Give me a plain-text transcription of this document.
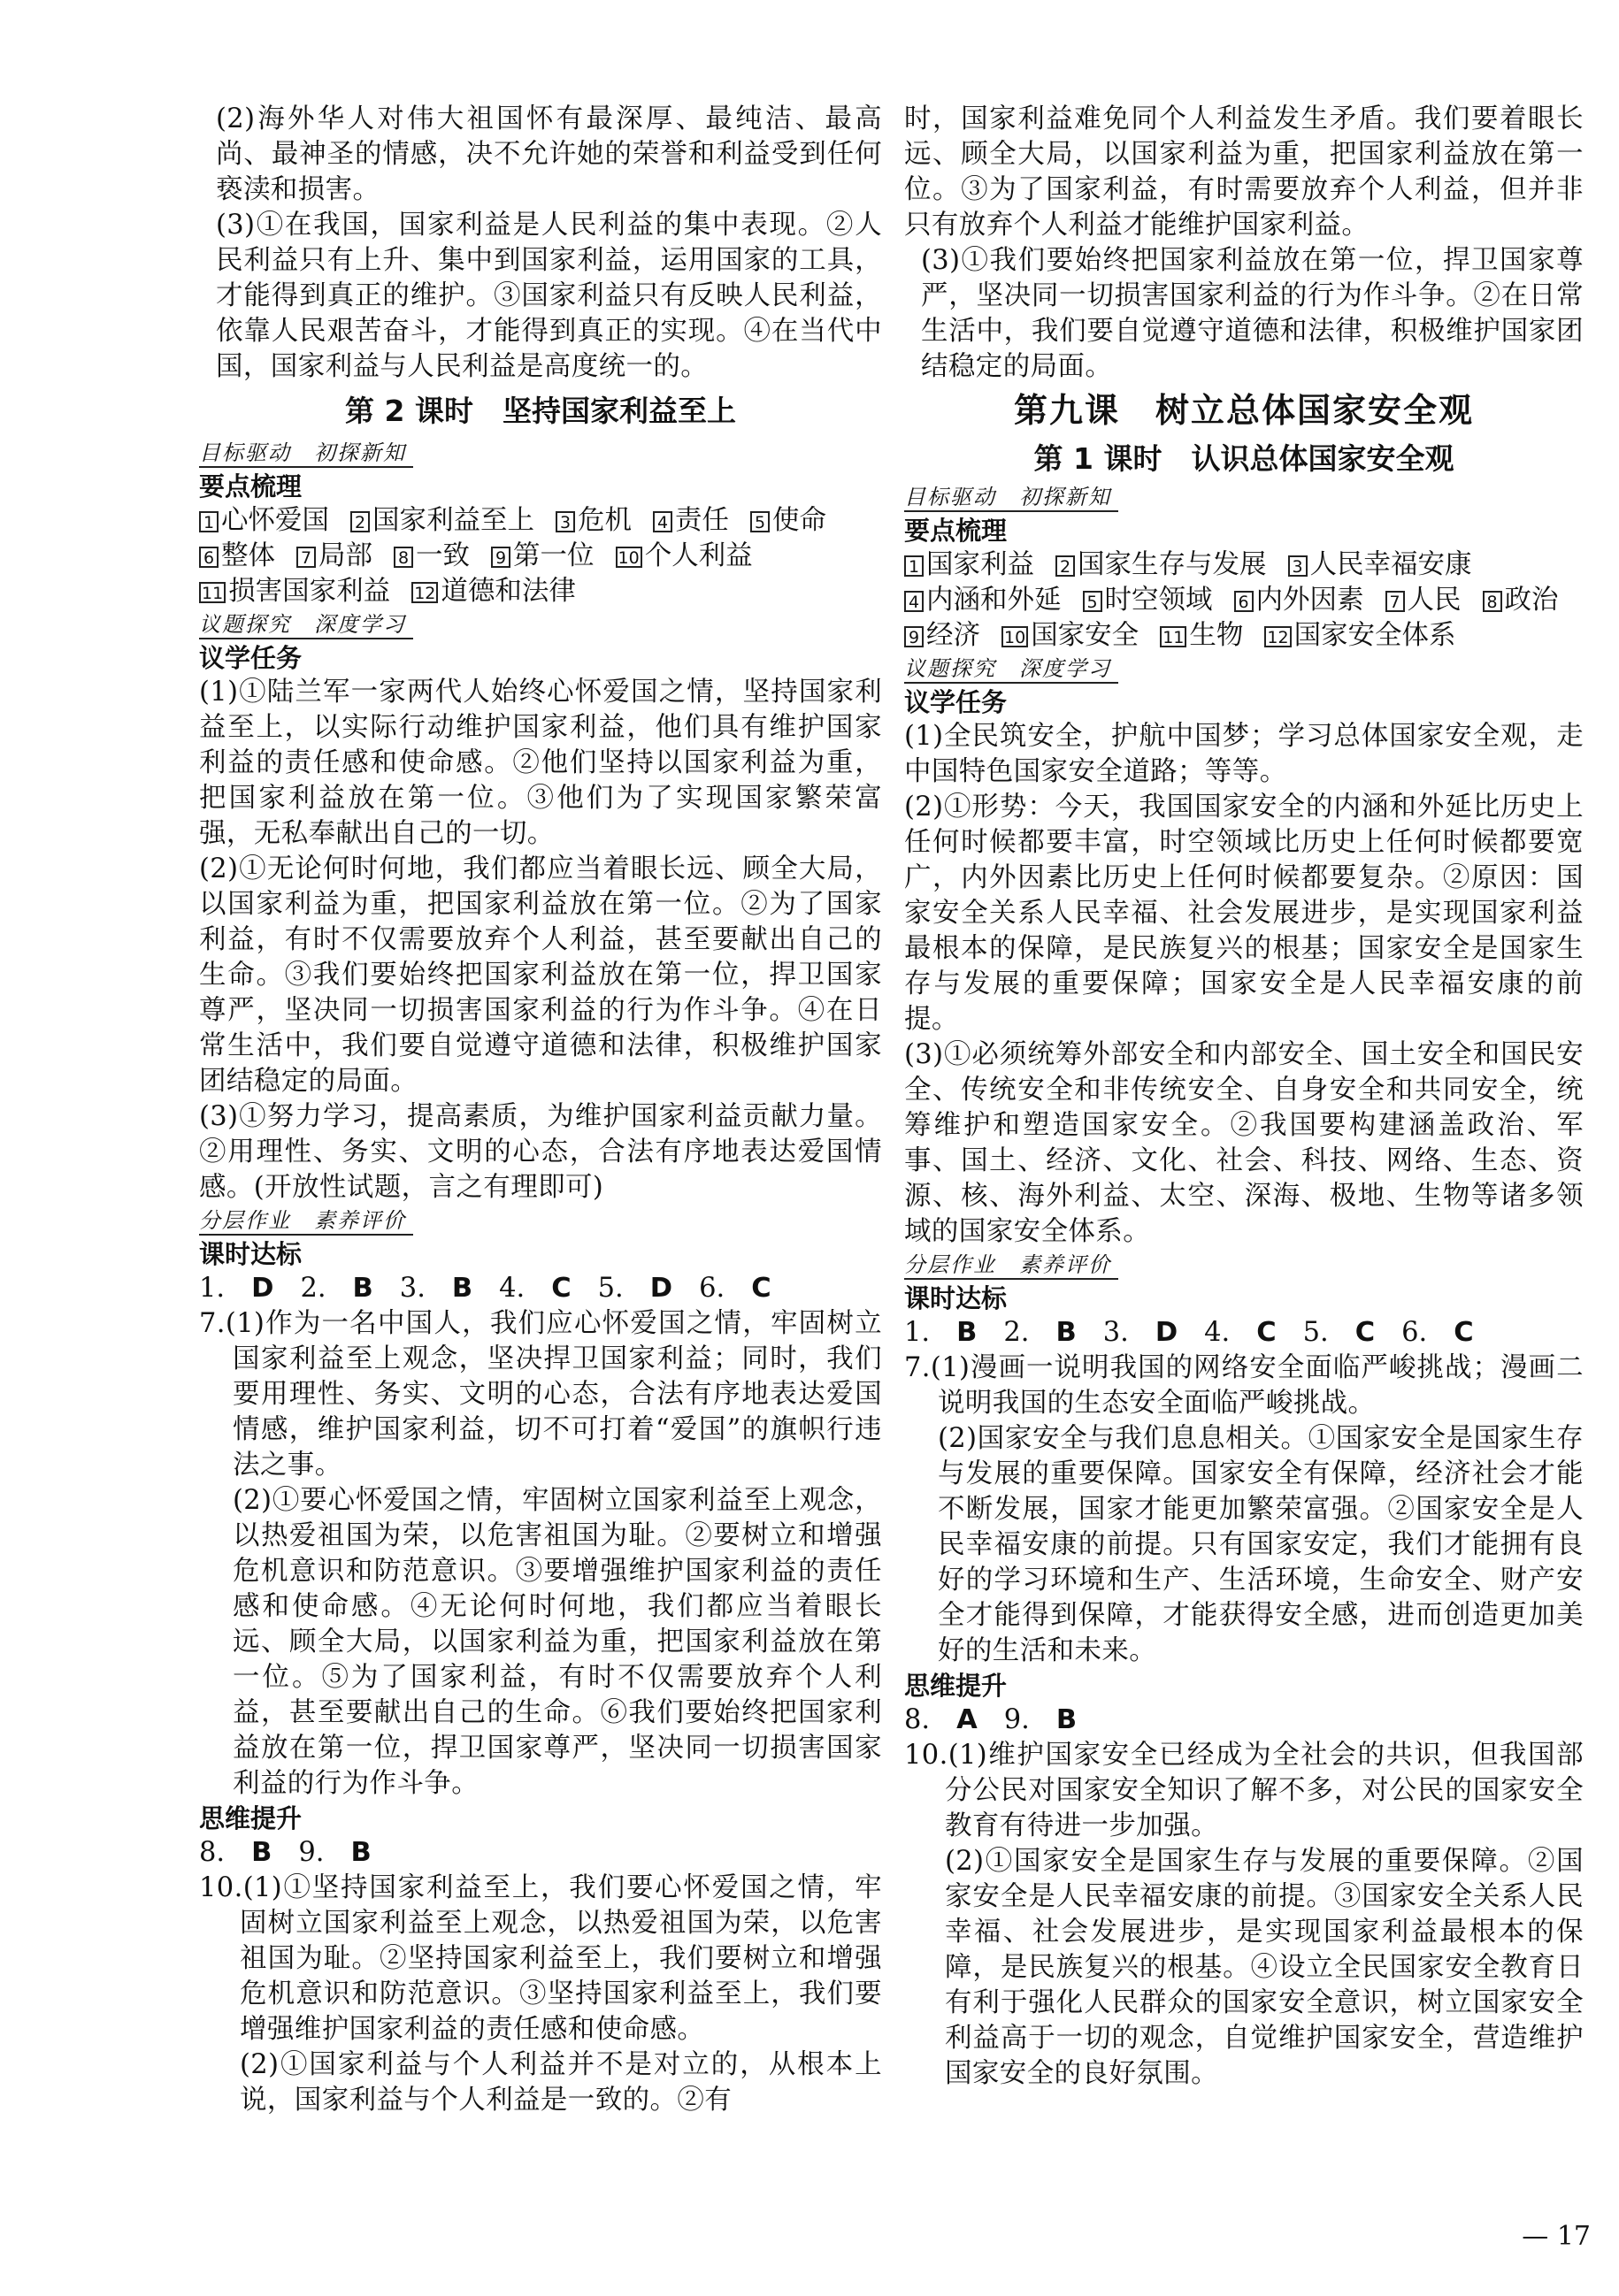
(2)海外华人对伟大祖国怀有最深厚、最纯洁、最高尚、最神圣的情感，决不允许她的荣誉和利益受到任何亵渎和损害。

(3)①在我国，国家利益是人民利益的集中表现。②人民利益只有上升、集中到国家利益，运用国家的工具，才能得到真正的维护。③国家利益只有反映人民利益，依靠人民艰苦奋斗，才能得到真正的实现。④在当代中国，国家利益与人民利益是高度统一的。

第 2 课时　坚持国家利益至上

目标驱动　初探新知

要点梳理

1 心怀爱国 2 国家利益至上 3 危机 4 责任 5 使命
6 整体 7 局部 8 一致 9 第一位 10 个人利益
11 损害国家利益 12 道德和法律
议题探究　深度学习

议学任务

(1)①陆兰军一家两代人始终心怀爱国之情，坚持国家利益至上，以实际行动维护国家利益，他们具有维护国家利益的责任感和使命感。②他们坚持以国家利益为重，把国家利益放在第一位。③他们为了实现国家繁荣富强，无私奉献出自己的一切。

(2)①无论何时何地，我们都应当着眼长远、顾全大局，以国家利益为重，把国家利益放在第一位。②为了国家利益，有时不仅需要放弃个人利益，甚至要献出自己的生命。③我们要始终把国家利益放在第一位，捍卫国家尊严，坚决同一切损害国家利益的行为作斗争。④在日常生活中，我们要自觉遵守道德和法律，积极维护国家团结稳定的局面。

(3)①努力学习，提高素质，为维护国家利益贡献力量。②用理性、务实、文明的心态，合法有序地表达爱国情感。(开放性试题，言之有理即可)

分层作业　素养评价

课时达标

1. D 2. B 3. B 4. C 5. D 6. C

7.(1)作为一名中国人，我们应心怀爱国之情，牢固树立国家利益至上观念，坚决捍卫国家利益；同时，我们要用理性、务实、文明的心态，合法有序地表达爱国情感，维护国家利益，切不可打着“爱国”的旗帜行违法之事。

(2)①要心怀爱国之情，牢固树立国家利益至上观念，以热爱祖国为荣，以危害祖国为耻。②要树立和增强危机意识和防范意识。③要增强维护国家利益的责任感和使命感。④无论何时何地，我们都应当着眼长远、顾全大局，以国家利益为重，把国家利益放在第一位。⑤为了国家利益，有时不仅需要放弃个人利益，甚至要献出自己的生命。⑥我们要始终把国家利益放在第一位，捍卫国家尊严，坚决同一切损害国家利益的行为作斗争。

思维提升

8. B 9. B

10.(1)①坚持国家利益至上，我们要心怀爱国之情，牢固树立国家利益至上观念，以热爱祖国为荣，以危害祖国为耻。②坚持国家利益至上，我们要树立和增强危机意识和防范意识。③坚持国家利益至上，我们要增强维护国家利益的责任感和使命感。

(2)①国家利益与个人利益并不是对立的，从根本上说，国家利益与个人利益是一致的。②有

时，国家利益难免同个人利益发生矛盾。我们要着眼长远、顾全大局，以国家利益为重，把国家利益放在第一位。③为了国家利益，有时需要放弃个人利益，但并非只有放弃个人利益才能维护国家利益。

(3)①我们要始终把国家利益放在第一位，捍卫国家尊严，坚决同一切损害国家利益的行为作斗争。②在日常生活中，我们要自觉遵守道德和法律，积极维护国家团结稳定的局面。

第九课　树立总体国家安全观

第 1 课时　认识总体国家安全观

目标驱动　初探新知

要点梳理

1 国家利益 2 国家生存与发展 3 人民幸福安康
4 内涵和外延 5 时空领域 6 内外因素 7 人民 8 政治
9 经济 10 国家安全 11 生物 12 国家安全体系
议题探究　深度学习

议学任务

(1)全民筑安全，护航中国梦；学习总体国家安全观，走中国特色国家安全道路；等等。

(2)①形势：今天，我国国家安全的内涵和外延比历史上任何时候都要丰富，时空领域比历史上任何时候都要宽广，内外因素比历史上任何时候都要复杂。②原因：国家安全关系人民幸福、社会发展进步，是实现国家利益最根本的保障，是民族复兴的根基；国家安全是国家生存与发展的重要保障；国家安全是人民幸福安康的前提。

(3)①必须统筹外部安全和内部安全、国土安全和国民安全、传统安全和非传统安全、自身安全和共同安全，统筹维护和塑造国家安全。②我国要构建涵盖政治、军事、国土、经济、文化、社会、科技、网络、生态、资源、核、海外利益、太空、深海、极地、生物等诸多领域的国家安全体系。

分层作业　素养评价

课时达标

1. B 2. B 3. D 4. C 5. C 6. C

7.(1)漫画一说明我国的网络安全面临严峻挑战；漫画二说明我国的生态安全面临严峻挑战。

(2)国家安全与我们息息相关。①国家安全是国家生存与发展的重要保障。国家安全有保障，经济社会才能不断发展，国家才能更加繁荣富强。②国家安全是人民幸福安康的前提。只有国家安定，我们才能拥有良好的学习环境和生产、生活环境，生命安全、财产安全才能得到保障，才能获得安全感，进而创造更加美好的生活和未来。

思维提升

8. A 9. B

10.(1)维护国家安全已经成为全社会的共识，但我国部分公民对国家安全知识了解不多，对公民的国家安全教育有待进一步加强。

(2)①国家安全是国家生存与发展的重要保障。②国家安全是人民幸福安康的前提。③国家安全关系人民幸福、社会发展进步，是实现国家利益最根本的保障，是民族复兴的根基。④设立全民国家安全教育日有利于强化人民群众的国家安全意识，树立国家安全利益高于一切的观念，自觉维护国家安全，营造维护国家安全的良好氛围。

— 17
